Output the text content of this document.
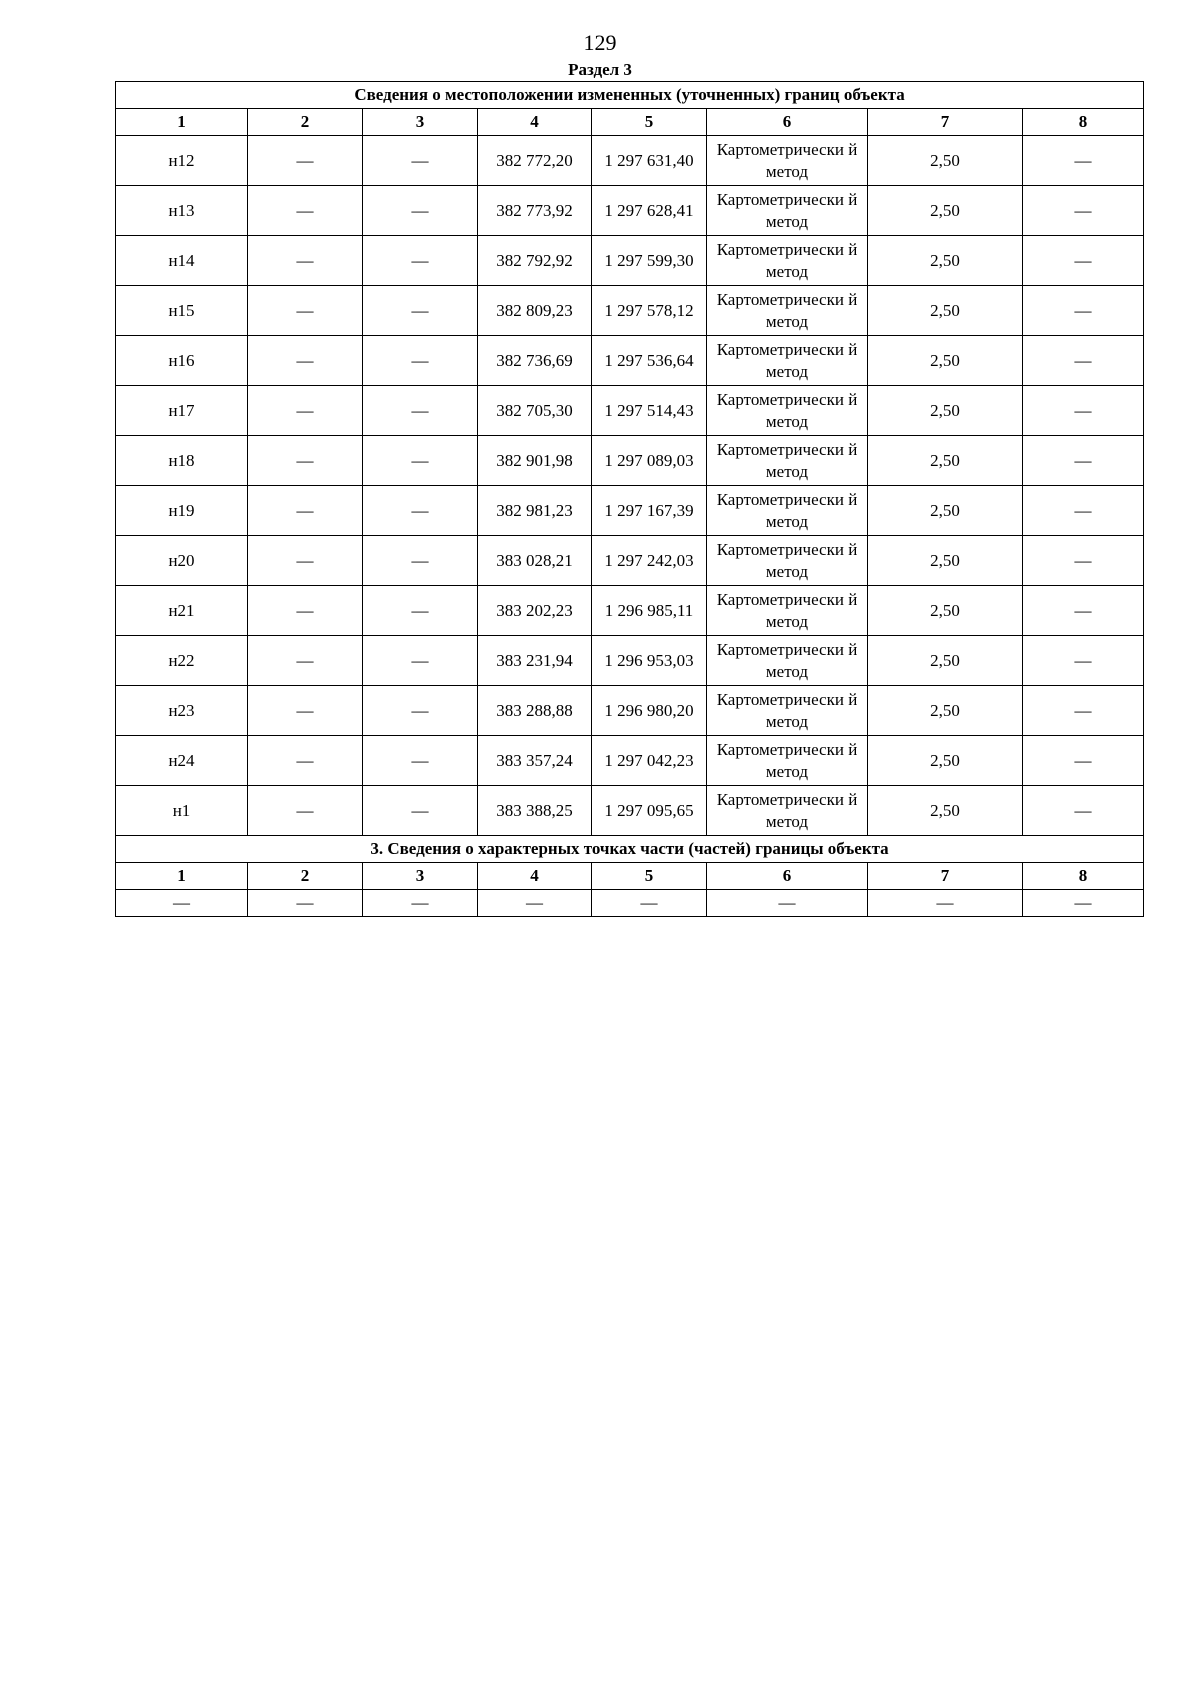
129
Раздел 3
Сведения о местоположении измененных (уточненных) границ объекта							
1	2	3	4	5	6	7	8
н12	—	—	382 772,20	1 297 631,40	Картометрически й метод	2,50	—
н13	—	—	382 773,92	1 297 628,41	Картометрически й метод	2,50	—
н14	—	—	382 792,92	1 297 599,30	Картометрически й метод	2,50	—
н15	—	—	382 809,23	1 297 578,12	Картометрически й метод	2,50	—
н16	—	—	382 736,69	1 297 536,64	Картометрически й метод	2,50	—
н17	—	—	382 705,30	1 297 514,43	Картометрически й метод	2,50	—
н18	—	—	382 901,98	1 297 089,03	Картометрически й метод	2,50	—
н19	—	—	382 981,23	1 297 167,39	Картометрически й метод	2,50	—
н20	—	—	383 028,21	1 297 242,03	Картометрически й метод	2,50	—
н21	—	—	383 202,23	1 296 985,11	Картометрически й метод	2,50	—
н22	—	—	383 231,94	1 296 953,03	Картометрически й метод	2,50	—
н23	—	—	383 288,88	1 296 980,20	Картометрически й метод	2,50	—
н24	—	—	383 357,24	1 297 042,23	Картометрически й метод	2,50	—
н1	—	—	383 388,25	1 297 095,65	Картометрически й метод	2,50	—
3. Сведения о характерных точках части (частей) границы объекта							
1	2	3	4	5	6	7	8
—	—	—	—	—	—	—	—
